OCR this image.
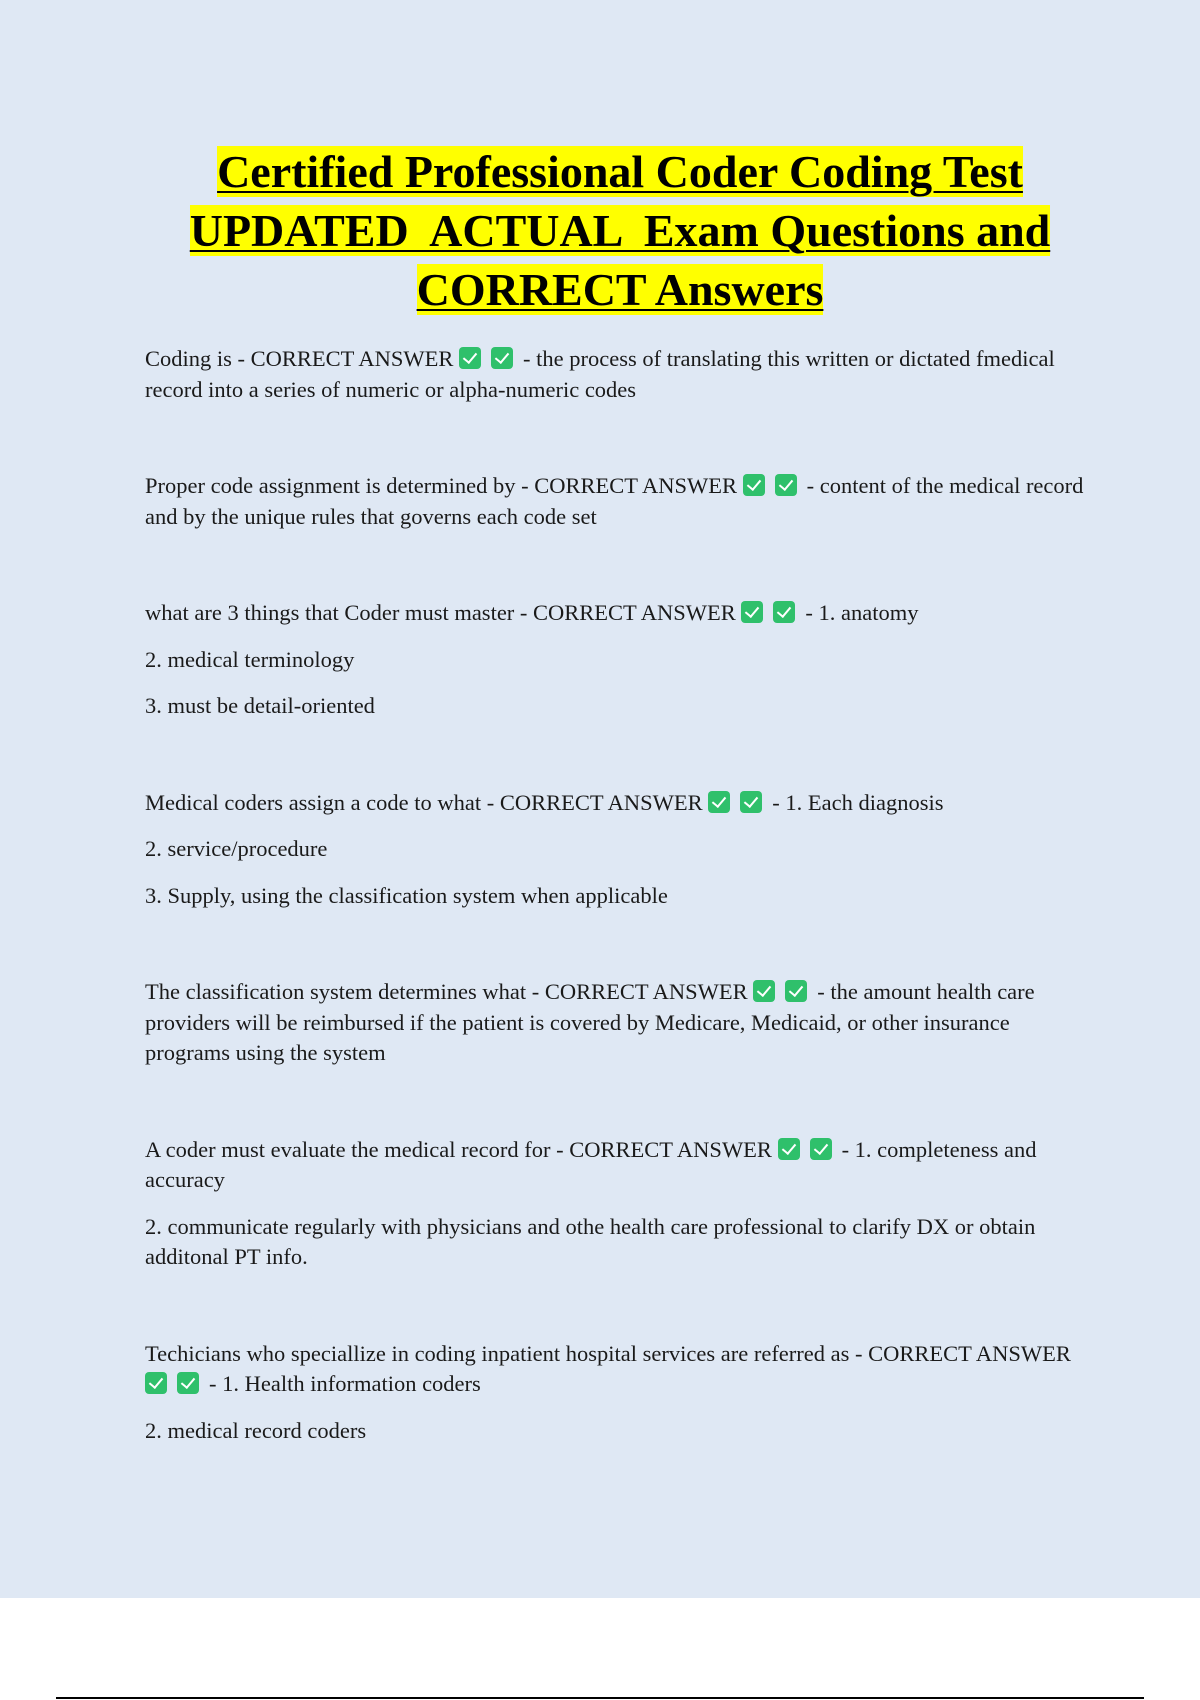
Certified Professional Coder Coding Test
UPDATED  ACTUAL  Exam Questions and
CORRECT Answers

Coding is - CORRECT ANSWER	- the process of translating this written or dictated fmedical record into a series of numeric or alpha-numeric codes

Proper code assignment is determined by - CORRECT ANSWER	- content of the medical record and by the unique rules that governs each code set

what are 3 things that Coder must master - CORRECT ANSWER	- 1. anatomy

2. medical terminology

3. must be detail-oriented

Medical coders assign a code to what - CORRECT ANSWER	- 1. Each diagnosis

2. service/procedure

3. Supply, using the classification system when applicable

The classification system determines what - CORRECT ANSWER	- the amount health care providers will be reimbursed if the patient is covered by Medicare, Medicaid, or other insurance programs using the system

A coder must evaluate the medical record for - CORRECT ANSWER	- 1. completeness and accuracy

2. communicate regularly with physicians and othe health care professional to clarify DX or obtain additonal PT info.

Techicians who speciallize in coding inpatient hospital services are referred as - CORRECT ANSWER - 1. Health information coders

2. medical record coders
